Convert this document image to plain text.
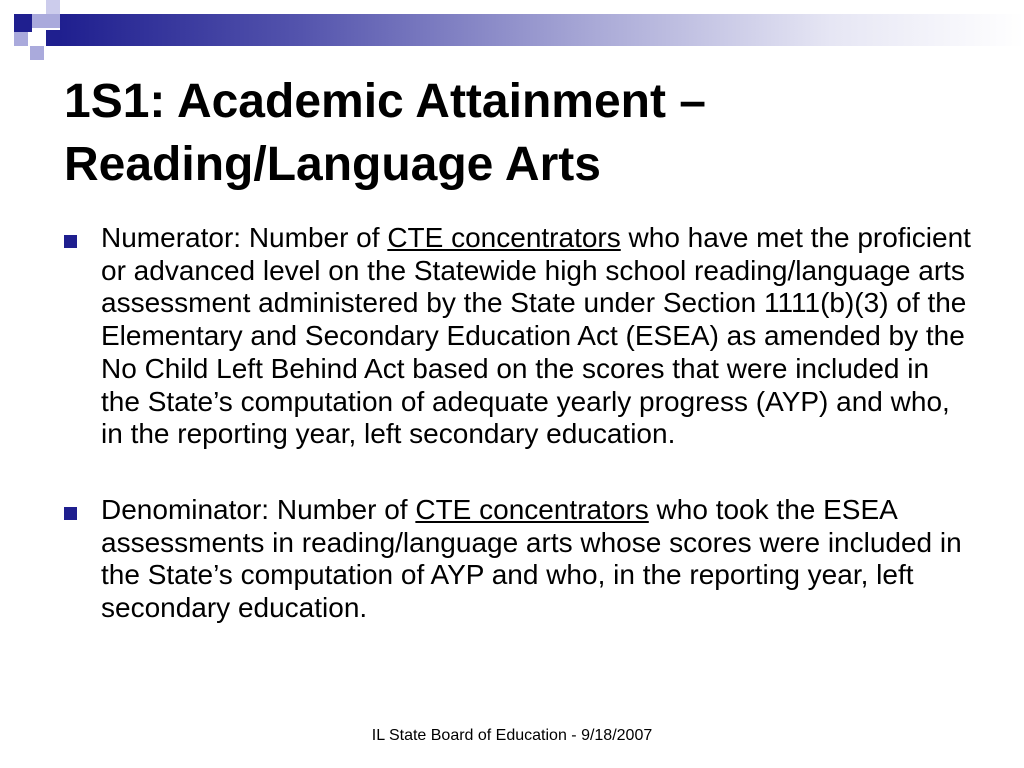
1S1: Academic Attainment –
Reading/Language Arts
Numerator: Number of CTE concentrators who have met the proficient or advanced level on the Statewide high school reading/language arts assessment administered by the State under Section 1111(b)(3) of the Elementary and Secondary Education Act (ESEA) as amended by the No Child Left Behind Act based on the scores that were included in the State’s computation of adequate yearly progress (AYP) and who, in the reporting year, left secondary education.
Denominator: Number of CTE concentrators who took the ESEA assessments in reading/language arts whose scores were included in the State’s computation of AYP and who, in the reporting year, left secondary education.
IL State Board of Education - 9/18/2007
